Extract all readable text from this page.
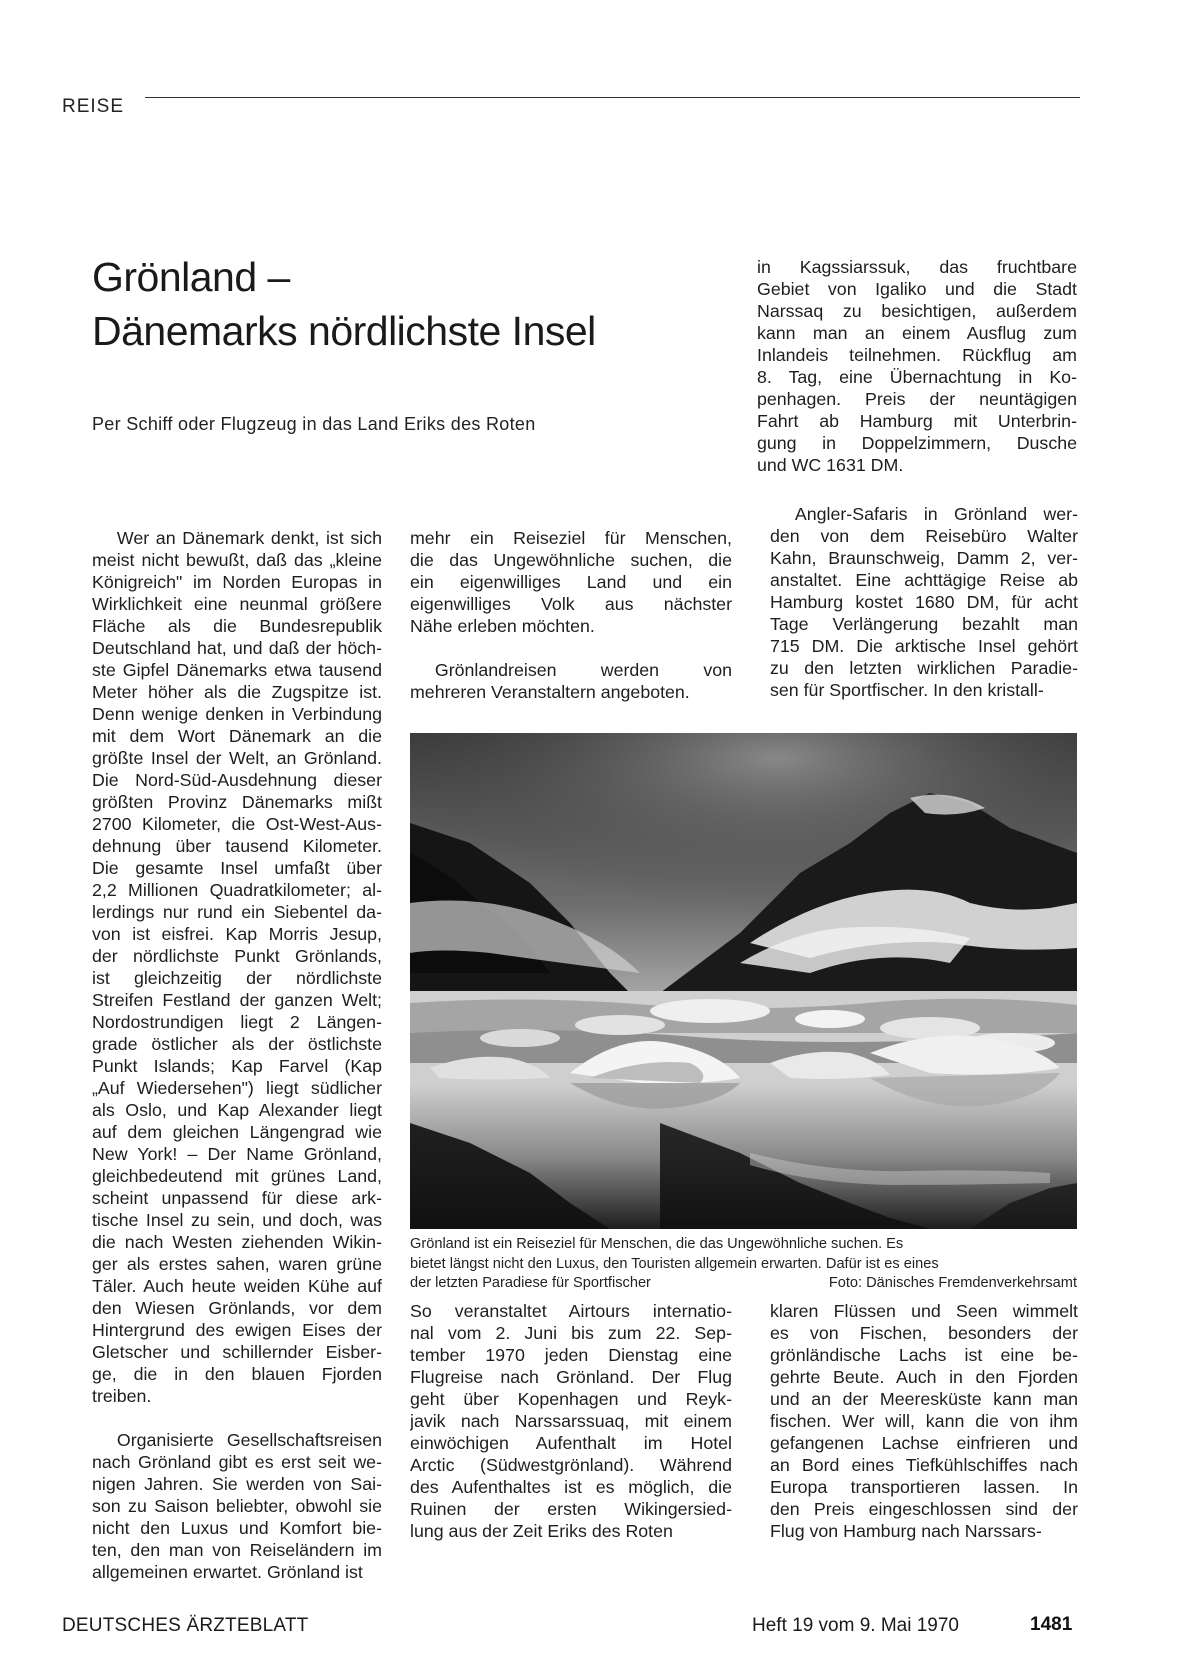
REISE
Grönland –
Dänemarks nördlichste Insel
Per Schiff oder Flugzeug in das Land Eriks des Roten
in Kagssiarssuk, das fruchtbare
Gebiet von Igaliko und die Stadt
Narssaq zu besichtigen, außerdem
kann man an einem Ausflug zum
Inlandeis teilnehmen. Rückflug am
8. Tag, eine Übernachtung in Ko-
penhagen. Preis der neuntägigen
Fahrt ab Hamburg mit Unterbrin-
gung in Doppelzimmern, Dusche
und WC 1631 DM.
Wer an Dänemark denkt, ist sich
meist nicht bewußt, daß das „kleine
Königreich" im Norden Europas in
Wirklichkeit eine neunmal größere
Fläche als die Bundesrepublik
Deutschland hat, und daß der höch-
ste Gipfel Dänemarks etwa tausend
Meter höher als die Zugspitze ist.
Denn wenige denken in Verbindung
mit dem Wort Dänemark an die
größte Insel der Welt, an Grönland.
Die Nord-Süd-Ausdehnung dieser
größten Provinz Dänemarks mißt
2700 Kilometer, die Ost-West-Aus-
dehnung über tausend Kilometer.
Die gesamte Insel umfaßt über
2,2 Millionen Quadratkilometer; al-
lerdings nur rund ein Siebentel da-
von ist eisfrei. Kap Morris Jesup,
der nördlichste Punkt Grönlands,
ist gleichzeitig der nördlichste
Streifen Festland der ganzen Welt;
Nordostrundigen liegt 2 Längen-
grade östlicher als der östlichste
Punkt Islands; Kap Farvel (Kap
„Auf Wiedersehen") liegt südlicher
als Oslo, und Kap Alexander liegt
auf dem gleichen Längengrad wie
New York! – Der Name Grönland,
gleichbedeutend mit grünes Land,
scheint unpassend für diese ark-
tische Insel zu sein, und doch, was
die nach Westen ziehenden Wikin-
ger als erstes sahen, waren grüne
Täler. Auch heute weiden Kühe auf
den Wiesen Grönlands, vor dem
Hintergrund des ewigen Eises der
Gletscher und schillernder Eisber-
ge, die in den blauen Fjorden
treiben.
Organisierte Gesellschaftsreisen
nach Grönland gibt es erst seit we-
nigen Jahren. Sie werden von Sai-
son zu Saison beliebter, obwohl sie
nicht den Luxus und Komfort bie-
ten, den man von Reiseländern im
allgemeinen erwartet. Grönland ist
mehr ein Reiseziel für Menschen,
die das Ungewöhnliche suchen, die
ein eigenwilliges Land und ein
eigenwilliges Volk aus nächster
Nähe erleben möchten.
Grönlandreisen werden von
mehreren Veranstaltern angeboten.
Angler-Safaris in Grönland wer-
den von dem Reisebüro Walter
Kahn, Braunschweig, Damm 2, ver-
anstaltet. Eine achttägige Reise ab
Hamburg kostet 1680 DM, für acht
Tage Verlängerung bezahlt man
715 DM. Die arktische Insel gehört
zu den letzten wirklichen Paradie-
sen für Sportfischer. In den kristall-
Grönland ist ein Reiseziel für Menschen, die das Ungewöhnliche suchen. Es
bietet längst nicht den Luxus, den Touristen allgemein erwarten. Dafür ist es eines
der letzten Paradiese für Sportfischer	Foto: Dänisches Fremdenverkehrsamt
So veranstaltet Airtours internatio-
nal vom 2. Juni bis zum 22. Sep-
tember 1970 jeden Dienstag eine
Flugreise nach Grönland. Der Flug
geht über Kopenhagen und Reyk-
javik nach Narssarssuaq, mit einem
einwöchigen Aufenthalt im Hotel
Arctic (Südwestgrönland). Während
des Aufenthaltes ist es möglich, die
Ruinen der ersten Wikingersied-
lung aus der Zeit Eriks des Roten
klaren Flüssen und Seen wimmelt
es von Fischen, besonders der
grönländische Lachs ist eine be-
gehrte Beute. Auch in den Fjorden
und an der Meeresküste kann man
fischen. Wer will, kann die von ihm
gefangenen Lachse einfrieren und
an Bord eines Tiefkühlschiffes nach
Europa transportieren lassen. In
den Preis eingeschlossen sind der
Flug von Hamburg nach Narssars-
DEUTSCHES ÄRZTEBLATT	Heft 19 vom 9. Mai 1970	1481
